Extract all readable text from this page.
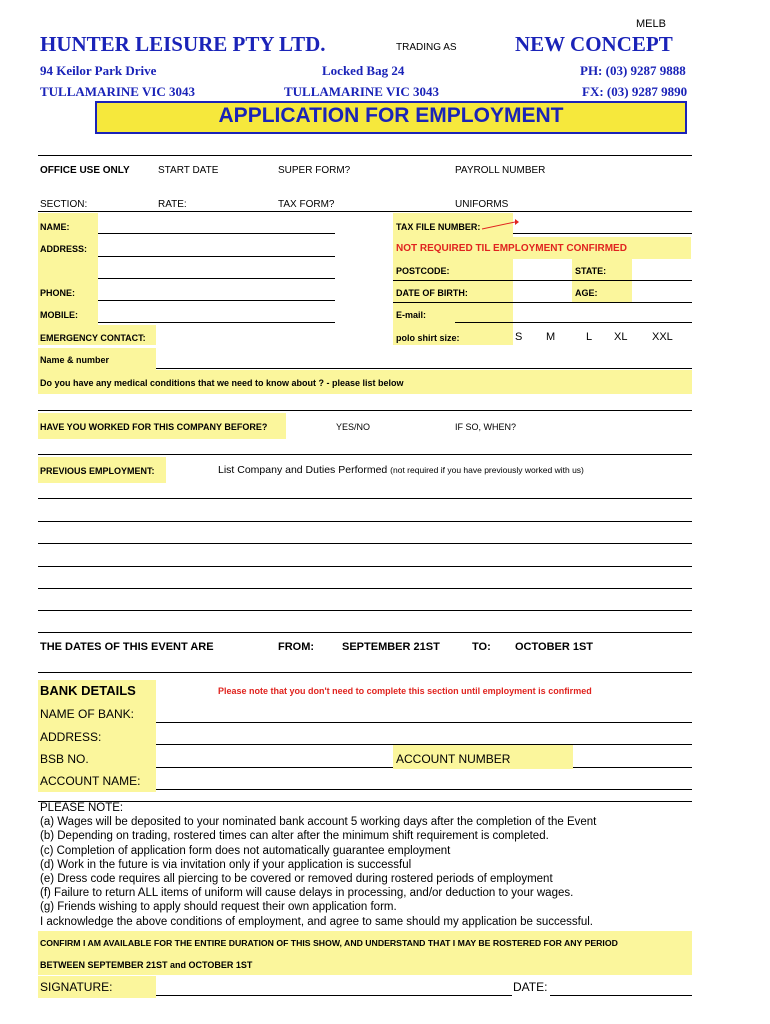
MELB
HUNTER LEISURE PTY LTD.	TRADING AS	NEW CONCEPT
94 Keilor Park Drive	Locked Bag 24	PH: (03) 9287 9888
TULLAMARINE VIC 3043	TULLAMARINE VIC 3043	FX: (03) 9287 9890
APPLICATION FOR EMPLOYMENT
OFFICE USE ONLY	START DATE	SUPER FORM?	PAYROLL NUMBER
SECTION:	RATE:	TAX FORM?	UNIFORMS
NAME:	TAX FILE NUMBER:
ADDRESS:	NOT REQUIRED TIL EMPLOYMENT CONFIRMED
POSTCODE:	STATE:
PHONE:	DATE OF BIRTH:	AGE:
MOBILE:	E-mail:
EMERGENCY CONTACT:	polo shirt size:	S M	L XL XXL
Name & number
Do you have any medical conditions that we need to know about ? - please list below
HAVE YOU WORKED FOR THIS COMPANY BEFORE?	YES/NO	IF SO, WHEN?
PREVIOUS EMPLOYMENT:	List Company and Duties Performed (not required if you have previously worked with us)
THE DATES OF THIS EVENT ARE	FROM:	SEPTEMBER 21ST	TO: OCTOBER 1ST
BANK DETAILS	Please note that you don't need to complete this section until employment is confirmed
NAME OF BANK:
ADDRESS:
BSB NO.	ACCOUNT NUMBER
ACCOUNT NAME:
PLEASE NOTE:
(a) Wages will be deposited to your nominated bank account 5 working days after the completion of the Event
(b) Depending on trading, rostered times can alter after the minimum shift requirement is completed.
(c) Completion of application form does not automatically guarantee employment
(d) Work in the future is via invitation only if your application is successful
(e) Dress code requires all piercing to be covered or removed during rostered periods of employment
(f) Failure to return ALL items of uniform will cause delays in processing, and/or deduction to your wages.
(g) Friends wishing to apply should request their own application form.
I acknowledge the above conditions of employment, and agree to same should my application be successful.
CONFIRM I AM AVAILABLE FOR THE ENTIRE DURATION OF THIS SHOW, AND UNDERSTAND THAT I MAY BE ROSTERED FOR ANY PERIOD
BETWEEN SEPTEMBER 21ST and OCTOBER 1ST
SIGNATURE:	DATE:
